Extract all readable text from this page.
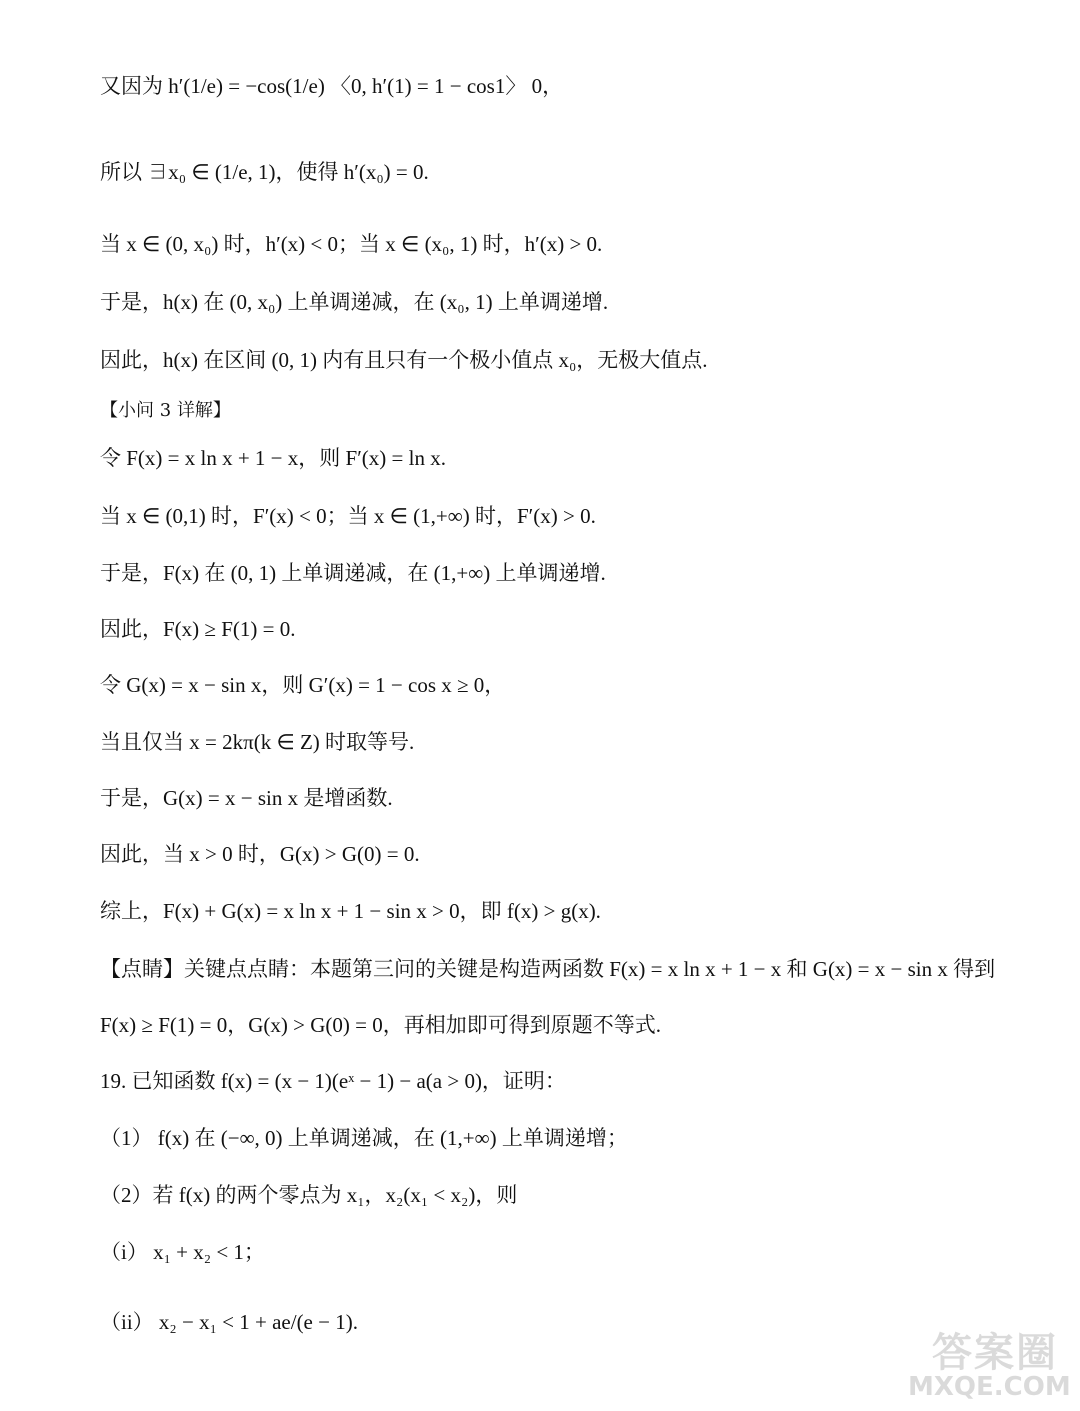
又因为 h′(1/e) = −cos(1/e) 〈0, h′(1) = 1 − cos1〉 0，
所以 ∃x₀ ∈ (1/e, 1)，使得 h′(x₀) = 0.
当 x ∈ (0, x₀) 时，h′(x) < 0；当 x ∈ (x₀, 1) 时，h′(x) > 0.
于是，h(x) 在 (0, x₀) 上单调递减，在 (x₀, 1) 上单调递增.
因此，h(x) 在区间 (0, 1) 内有且只有一个极小值点 x₀，无极大值点.
【小问 3 详解】
令 F(x) = x ln x + 1 − x，则 F′(x) = ln x.
当 x ∈ (0,1) 时，F′(x) < 0；当 x ∈ (1,+∞) 时，F′(x) > 0.
于是，F(x) 在 (0, 1) 上单调递减，在 (1,+∞) 上单调递增.
因此，F(x) ≥ F(1) = 0.
令 G(x) = x − sin x，则 G′(x) = 1 − cos x ≥ 0，
当且仅当 x = 2kπ(k ∈ Z) 时取等号.
于是，G(x) = x − sin x 是增函数.
因此，当 x > 0 时，G(x) > G(0) = 0.
综上，F(x) + G(x) = x ln x + 1 − sin x > 0，即 f(x) > g(x).
【点睛】关键点点睛：本题第三问的关键是构造两函数 F(x) = x ln x + 1 − x 和 G(x) = x − sin x 得到
F(x) ≥ F(1) = 0，G(x) > G(0) = 0，再相加即可得到原题不等式.
19. 已知函数 f(x) = (x − 1)(eˣ − 1) − a(a > 0)，证明：
（1） f(x) 在 (−∞, 0) 上单调递减，在 (1,+∞) 上单调递增；
（2）若 f(x) 的两个零点为 x₁，x₂(x₁ < x₂)，则
（i） x₁ + x₂ < 1；
（ii） x₂ − x₁ < 1 + ae/(e − 1).
答案圈
MXQE.COM
